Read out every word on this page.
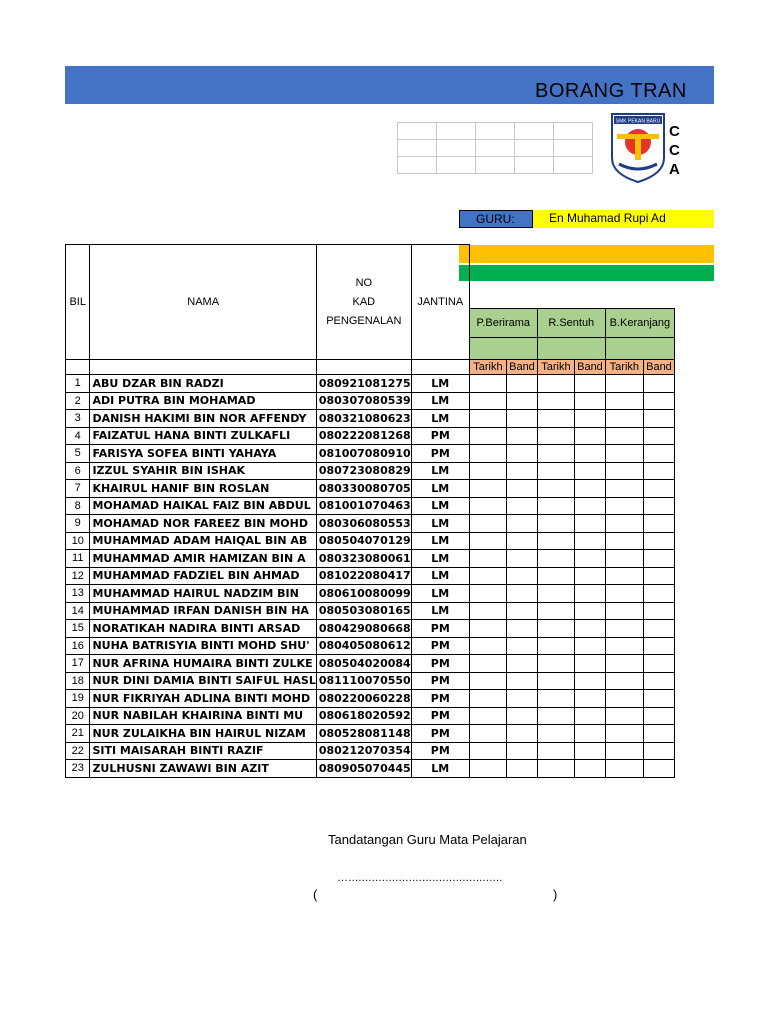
BORANG TRAN

SMK PEKAN BARU
C
C
A
GURU:	En Muhamad Rupi Ad
BIL	NAMA	NO
KAD
PENGENALAN	JANTINA						
				P.Berirama		R.Sentuh		B.Keranjang	

				Tarikh	Band	Tarikh	Band	Tarikh	Band
1	ABU DZAR BIN RADZI	080921081275	LM						
2	ADI PUTRA BIN MOHAMAD	080307080539	LM						
3	DANISH HAKIMI BIN NOR AFFENDY	080321080623	LM						
4	FAIZATUL HANA BINTI ZULKAFLI	080222081268	PM						
5	FARISYA SOFEA BINTI YAHAYA	081007080910	PM						
6	IZZUL SYAHIR BIN ISHAK	080723080829	LM						
7	KHAIRUL HANIF BIN ROSLAN	080330080705	LM						
8	MOHAMAD HAIKAL FAIZ BIN ABDUL	081001070463	LM						
9	MOHAMAD NOR FAREEZ BIN MOHD	080306080553	LM						
10	MUHAMMAD ADAM HAIQAL BIN AB	080504070129	LM						
11	MUHAMMAD AMIR HAMIZAN BIN A	080323080061	LM						
12	MUHAMMAD FADZIEL BIN AHMAD	081022080417	LM						
13	MUHAMMAD HAIRUL NADZIM BIN	080610080099	LM						
14	MUHAMMAD IRFAN DANISH BIN HA	080503080165	LM						
15	NORATIKAH NADIRA BINTI ARSAD	080429080668	PM						
16	NUHA BATRISYIA BINTI MOHD SHU'	080405080612	PM						
17	NUR AFRINA HUMAIRA BINTI ZULKE	080504020084	PM						
18	NUR DINI DAMIA BINTI SAIFUL HASL	081110070550	PM						
19	NUR FIKRIYAH ADLINA BINTI MOHD	080220060228	PM						
20	NUR NABILAH KHAIRINA BINTI MU	080618020592	PM						
21	NUR ZULAIKHA BIN HAIRUL NIZAM	080528081148	PM						
22	SITI MAISARAH BINTI RAZIF	080212070354	PM						
23	ZULHUSNI ZAWAWI BIN AZIT	080905070445	LM						
Tandatangan Guru Mata Pelajaran
…..............................................
(	)
